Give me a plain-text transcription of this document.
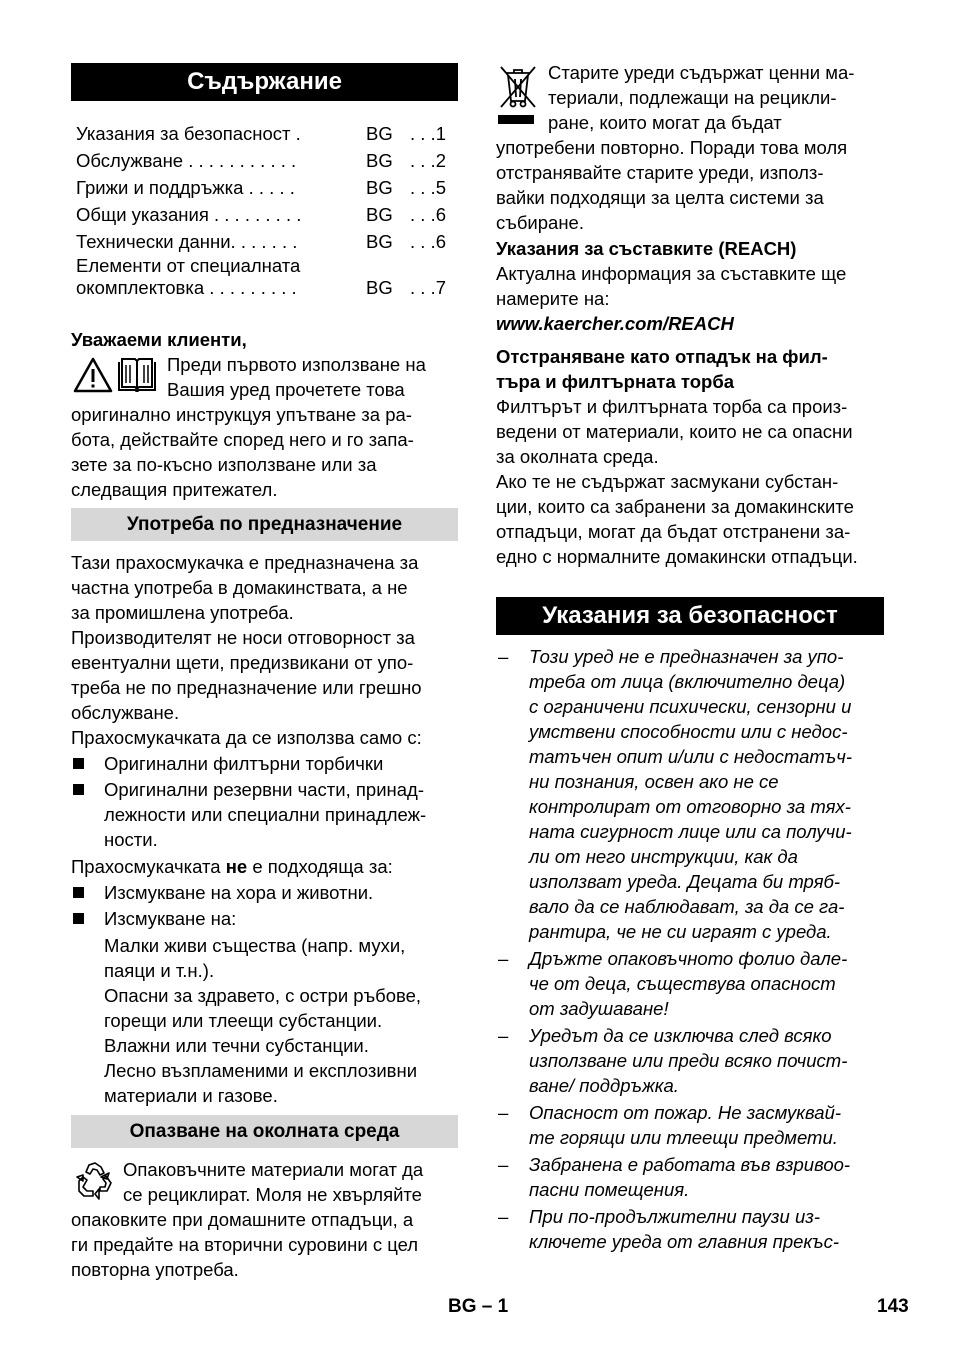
Съдържание
Указания за безопасност .	BG . . .1
Обслужване . . . . . . . . . . .	BG . . .2
Грижи и поддръжка . . . . .	BG . . .5
Общи указания . . . . . . . . .	BG . . .6
Технически данни. . . . . . .	BG . . .6
Елементи от специалната
окомплектовка . . . . . . . . .	BG . . .7

Уважаеми клиенти,

Преди първото използване на

Вашия уред прочетете това

оригинално инструкцуя упътване за ра-

бота, действайте според него и го запа-

зете за по-късно използване или за

следващия притежател.

Употреба по предназначение

Тази прахосмукачка е предназначена за

частна употреба в домакинствата, а не

за промишлена употреба.

Производителят не носи отговорност за

евентуални щети, предизвикани от упо-

треба не по предназначение или грешно

обслужване.

Прахосмукачката да се използва само с:

Оригинални филтърни торбички

Оригинални резервни части, принад-

лежности или специални принадлеж-

ности.

Прахосмукачката не е подходяща за:

Изсмукване на хора и животни.

Изсмукване на:

Малки живи същества (напр. мухи,

паяци и т.н.).

Опасни за здравето, с остри ръбове,

горещи или тлеещи субстанции.

Влажни или течни субстанции.

Лесно възпламеними и експлозивни

материали и газове.

Опазване на околната среда

Опаковъчните материали могат да

се рециклират. Моля не хвърляйте

опаковките при домашните отпадъци, а

ги предайте на вторични суровини с цел

повторна употреба.

Старите уреди съдържат ценни ма-

териали, подлежащи на рецикли-

ране, които могат да бъдат

употребени повторно. Поради това моля

отстранявайте старите уреди, използ-

вайки подходящи за целта системи за

събиране.

Указания за съставките (REACH)

Актуална информация за съставките ще

намерите на:

www.kaercher.com/REACH

Отстраняване като отпадък на фил-

търа и филтърната торба

Филтърът и филтърната торба са произ-

ведени от материали, които не са опасни

за околната среда.

Ако те не съдържат засмукани субстан-

ции, които са забранени за домакинските

отпадъци, могат да бъдат отстранени за-

едно с нормалните домакински отпадъци.

Указания за безопасност
– Този уред не е предназначен за упо-

треба от лица (включително деца)

с ограничени психически, сензорни и

умствени способности или с недос-

татъчен опит и/или с недостатъч-

ни познания, освен ако не се

контролират от отговорно за тях-

ната сигурност лице или са получи-

ли от него инструкции, как да

използват уреда. Децата би тряб-

вало да се наблюдават, за да се га-

рантира, че не си играят с уреда.

– Дръжте опаковъчното фолио дале-

че от деца, съществува опасност

от задушаване!

– Уредът да се изключва след всяко

използване или преди всяко почист-

ване/ поддръжка.

– Опасност от пожар. Не засмуквай-

те горящи или тлеещи предмети.

– Забранена е работата във взривоо-

пасни помещения.

– При по-продължителни паузи из-

ключете уреда от главния прекъс-

BG – 1	143
